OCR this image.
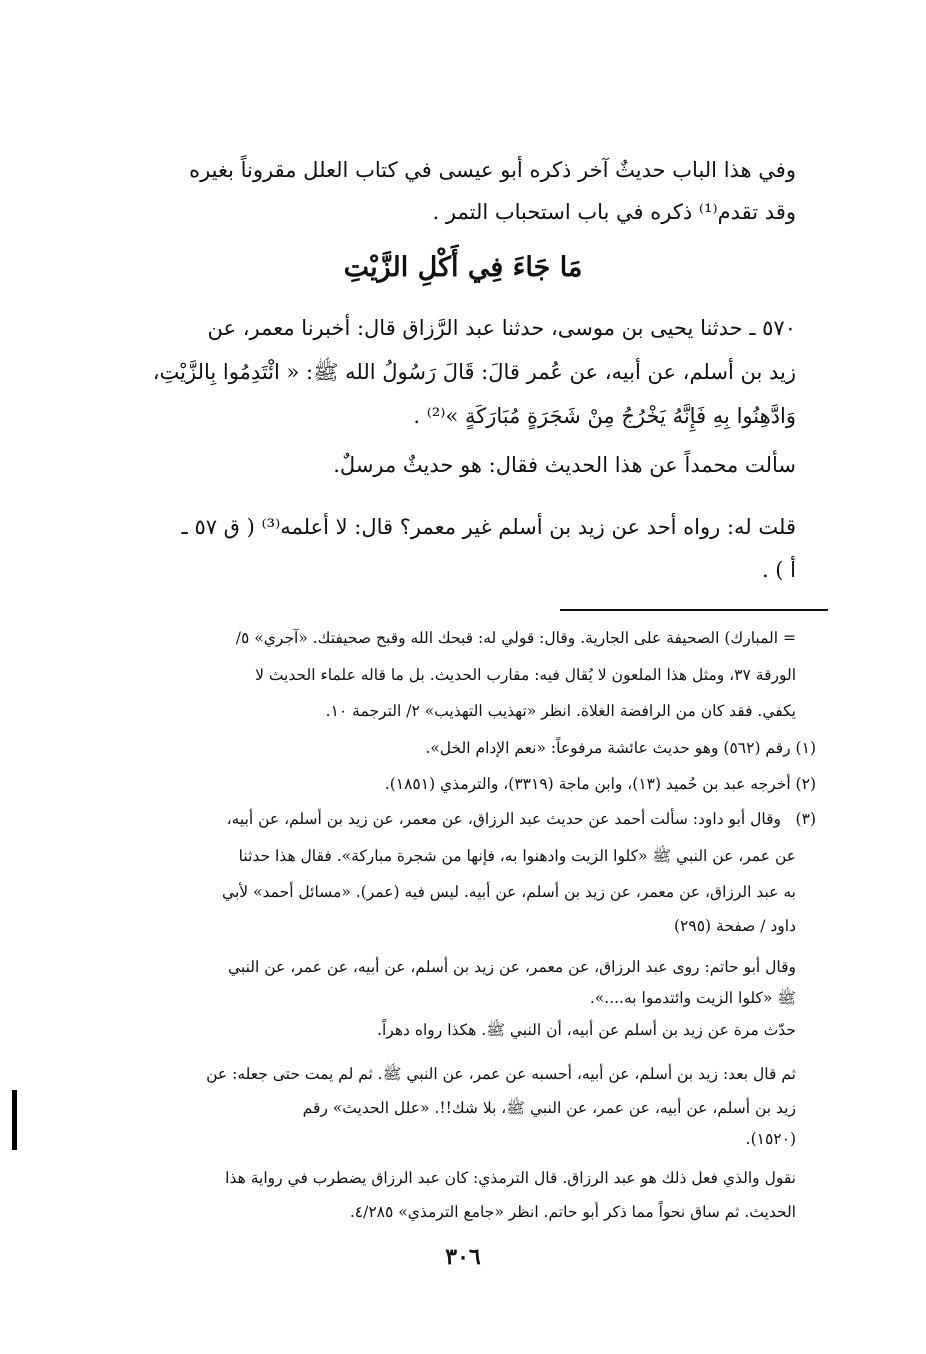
وفي هذا الباب حديثٌ آخر ذكره أبو عيسى في كتاب العلل مقروناً بغيره
وقد تقدم⁽¹⁾ ذكره في باب استحباب التمر .
مَا جَاءَ فِي أَكْلِ الزَّيْتِ
٥٧٠ ـ حدثنا يحيى بن موسى، حدثنا عبد الرَّزاق قال: أخبرنا معمر، عن
زيد بن أسلم، عن أبيه، عن عُمر قالَ: قَالَ رَسُولُ الله ﷺ: « ائْتَدِمُوا بِالزَّيْتِ،
وَادَّهِنُوا بِهِ فَإِنَّهُ يَخْرُجُ مِنْ شَجَرَةٍ مُبَارَكَةٍ »⁽²⁾ .
سألت محمداً عن هذا الحديث فقال: هو حديثٌ مرسلٌ.
قلت له: رواه أحد عن زيد بن أسلم غير معمر؟ قال: لا أعلمه⁽³⁾ ( ق ٥٧ ـ
أ ) .
= المبارك) الصحيفة على الجارية. وقال: قولي له: قبحك الله وقبح صحيفتك. «آجري» ٥/
الورقة ٣٧، ومثل هذا الملعون لا يُقال فيه: مقارب الحديث. بل ما قاله علماء الحديث لا
يكفي. فقد كان من الرافضة الغلاة. انظر «تهذيب التهذيب» ٢/ الترجمة ١٠.
(١) رقم (٥٦٢) وهو حديث عائشة مرفوعاً: «نعم الإدام الخل».
(٢) أخرجه عبد بن حُميد (١٣)، وابن ماجة (٣٣١٩)، والترمذي (١٨٥١).
(٣)
وقال أبو داود: سألت أحمد عن حديث عبد الرزاق، عن معمر، عن زيد بن أسلم، عن أبيه،
عن عمر، عن النبي ﷺ «كلوا الزيت وادهنوا به، فإنها من شجرة مباركة». فقال هذا حدثنا
به عبد الرزاق، عن معمر، عن زيد بن أسلم، عن أبيه. ليس فيه (عمر). «مسائل أحمد» لأبي
داود / صفحة (٢٩٥)
وقال أبو حاتم: روى عبد الرزاق، عن معمر، عن زيد بن أسلم، عن أبيه، عن عمر، عن النبي
ﷺ «كلوا الزيت وائتدموا به....».
حدّث مرة عن زيد بن أسلم عن أبيه، أن النبي ﷺ. هكذا رواه دهراً.
ثم قال بعد: زيد بن أسلم، عن أبيه، أحسبه عن عمر، عن النبي ﷺ. ثم لم يمت حتى جعله: عن
زيد بن أسلم، عن أبيه، عن عمر، عن النبي ﷺ، بلا شك!!. «علل الحديث» رقم
(١٥٢٠).
نقول والذي فعل ذلك هو عبد الرزاق. قال الترمذي: كان عبد الرزاق يضطرب في رواية هذا
الحديث. ثم ساق نحواً مما ذكر أبو حاتم. انظر «جامع الترمذي» ٤/٢٨٥.
٣٠٦
